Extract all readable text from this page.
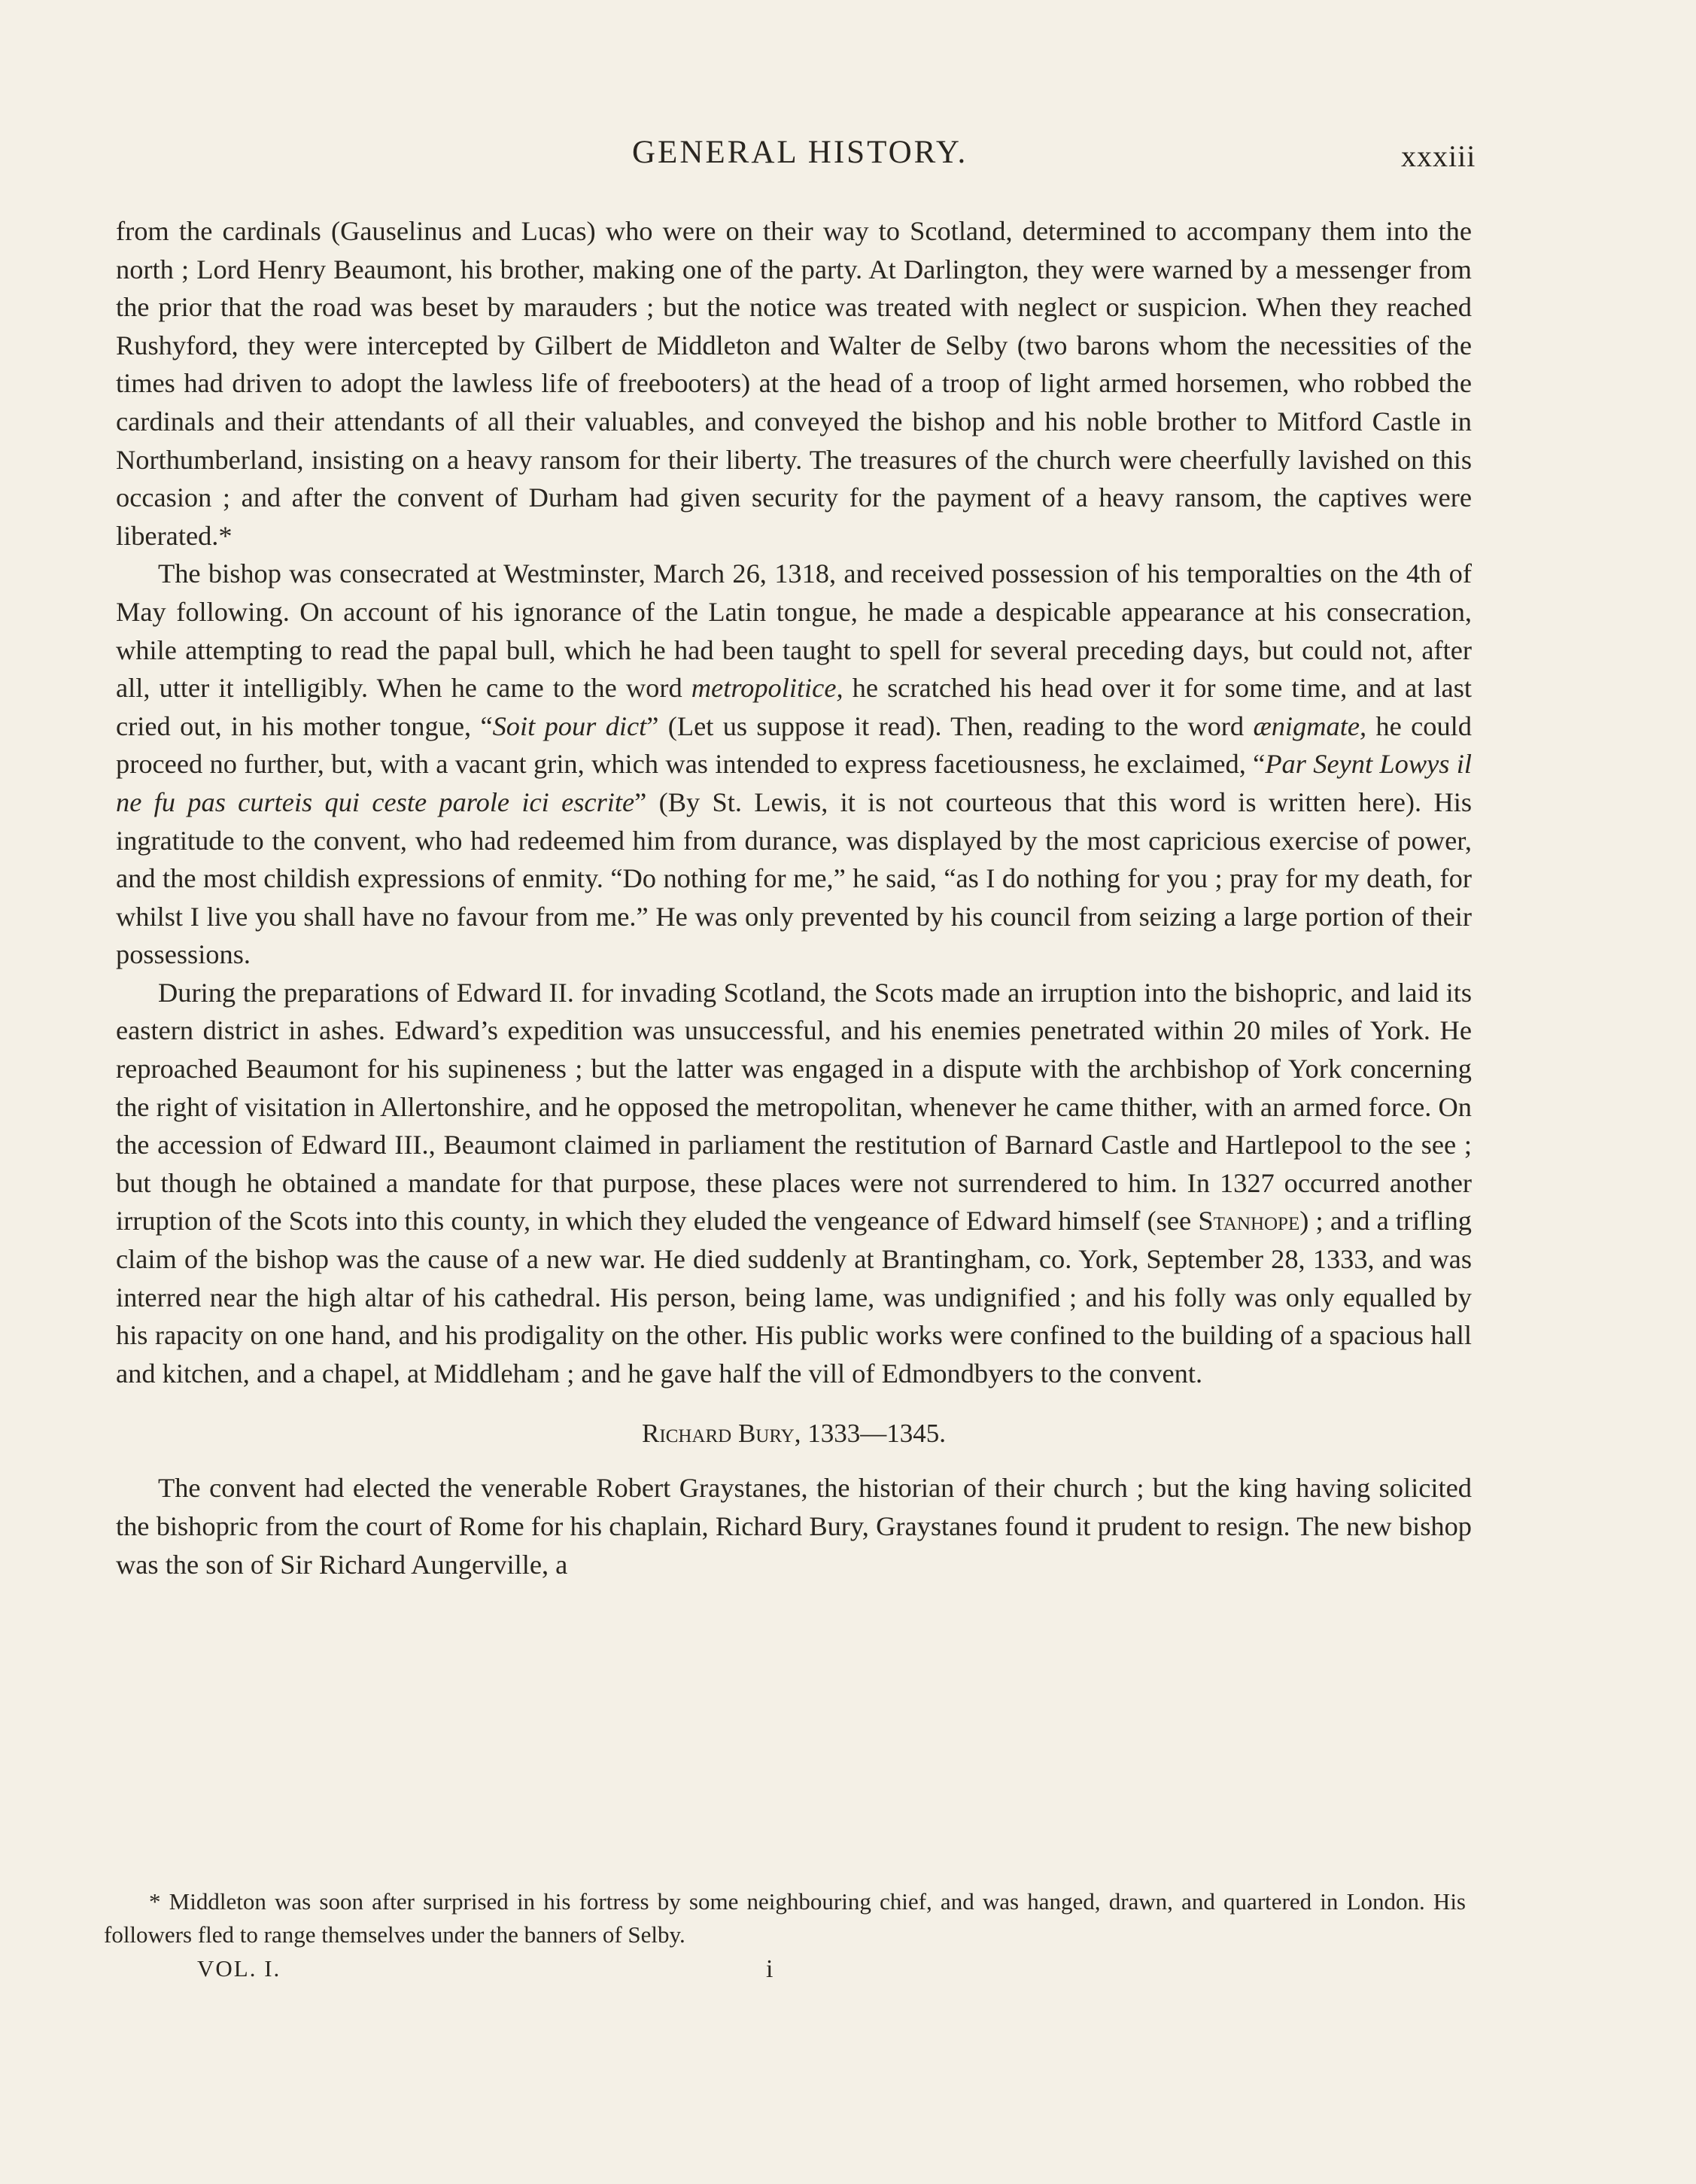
GENERAL HISTORY.	xxxiii

from the cardinals (Gauselinus and Lucas) who were on their way to Scotland, determined to accompany them into the north ; Lord Henry Beaumont, his brother, making one of the party. At Darlington, they were warned by a messenger from the prior that the road was beset by marauders ; but the notice was treated with neglect or suspicion. When they reached Rushyford, they were intercepted by Gilbert de Middleton and Walter de Selby (two barons whom the necessities of the times had driven to adopt the lawless life of freebooters) at the head of a troop of light armed horsemen, who robbed the cardinals and their attendants of all their valuables, and conveyed the bishop and his noble brother to Mitford Castle in Northumberland, insisting on a heavy ransom for their liberty. The treasures of the church were cheerfully lavished on this occasion ; and after the convent of Durham had given security for the payment of a heavy ransom, the captives were liberated.*

The bishop was consecrated at Westminster, March 26, 1318, and received possession of his temporalties on the 4th of May following. On account of his ignorance of the Latin tongue, he made a despicable appearance at his consecration, while attempting to read the papal bull, which he had been taught to spell for several preceding days, but could not, after all, utter it intelligibly. When he came to the word metropolitice, he scratched his head over it for some time, and at last cried out, in his mother tongue, “Soit pour dict” (Let us suppose it read). Then, reading to the word ænigmate, he could proceed no further, but, with a vacant grin, which was intended to express facetiousness, he exclaimed, “Par Seynt Lowys il ne fu pas curteis qui ceste parole ici escrite” (By St. Lewis, it is not courteous that this word is written here). His ingratitude to the convent, who had redeemed him from durance, was displayed by the most capricious exercise of power, and the most childish expressions of enmity. “Do nothing for me,” he said, “as I do nothing for you ; pray for my death, for whilst I live you shall have no favour from me.” He was only prevented by his council from seizing a large portion of their possessions.

During the preparations of Edward II. for invading Scotland, the Scots made an irruption into the bishopric, and laid its eastern district in ashes. Edward’s expedition was unsuccessful, and his enemies penetrated within 20 miles of York. He reproached Beaumont for his supineness ; but the latter was engaged in a dispute with the archbishop of York concerning the right of visitation in Allertonshire, and he opposed the metropolitan, whenever he came thither, with an armed force. On the accession of Edward III., Beaumont claimed in parliament the restitution of Barnard Castle and Hartlepool to the see ; but though he obtained a mandate for that purpose, these places were not surrendered to him. In 1327 occurred another irruption of the Scots into this county, in which they eluded the vengeance of Edward himself (see Stanhope) ; and a trifling claim of the bishop was the cause of a new war. He died suddenly at Brantingham, co. York, September 28, 1333, and was interred near the high altar of his cathedral. His person, being lame, was undignified ; and his folly was only equalled by his rapacity on one hand, and his prodigality on the other. His public works were confined to the building of a spacious hall and kitchen, and a chapel, at Middleham ; and he gave half the vill of Edmondbyers to the convent.

Richard Bury, 1333—1345.

The convent had elected the venerable Robert Graystanes, the historian of their church ; but the king having solicited the bishopric from the court of Rome for his chaplain, Richard Bury, Graystanes found it prudent to resign. The new bishop was the son of Sir Richard Aungerville, a

* Middleton was soon after surprised in his fortress by some neighbouring chief, and was hanged, drawn, and quartered in London. His followers fled to range themselves under the banners of Selby.
VOL. I.	i
